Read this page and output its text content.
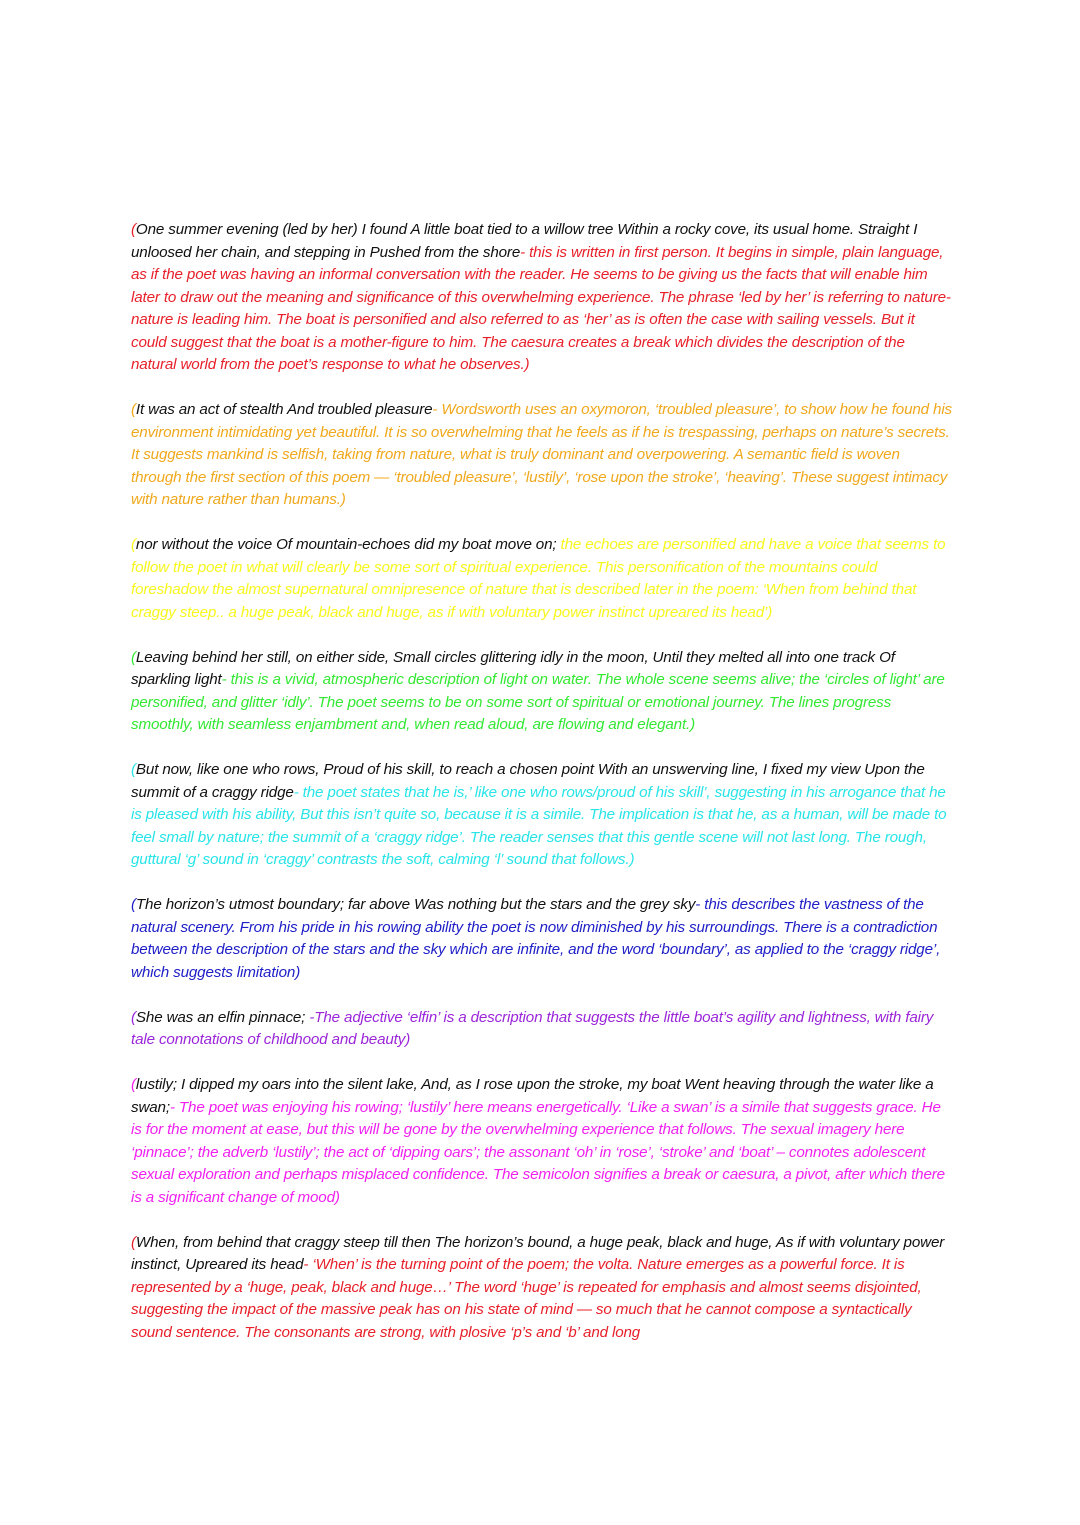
(One summer evening (led by her) I found A little boat tied to a willow tree Within a rocky cove, its usual home. Straight I unloosed her chain, and stepping in Pushed from the shore- this is written in first person. It begins in simple, plain language, as if the poet was having an informal conversation with the reader. He seems to be giving us the facts that will enable him later to draw out the meaning and significance of this overwhelming experience. The phrase ‘led by her’ is referring to nature- nature is leading him. The boat is personified and also referred to as ‘her’ as is often the case with sailing vessels. But it could suggest that the boat is a mother-figure to him. The caesura creates a break which divides the description of the natural world from the poet’s response to what he observes.)

(It was an act of stealth And troubled pleasure- Wordsworth uses an oxymoron, ‘troubled pleasure’, to show how he found his environment intimidating yet beautiful. It is so overwhelming that he feels as if he is trespassing, perhaps on nature’s secrets. It suggests mankind is selfish, taking from nature, what is truly dominant and overpowering. A semantic field is woven through the first section of this poem — ‘troubled pleasure’, ‘lustily’, ‘rose upon the stroke’, ‘heaving’. These suggest intimacy with nature rather than humans.)

(nor without the voice Of mountain-echoes did my boat move on; the echoes are personified and have a voice that seems to follow the poet in what will clearly be some sort of spiritual experience. This personification of the mountains could foreshadow the almost supernatural omnipresence of nature that is described later in the poem: ‘When from behind that craggy steep.. a huge peak, black and huge, as if with voluntary power instinct upreared its head’)

(Leaving behind her still, on either side, Small circles glittering idly in the moon, Until they melted all into one track Of sparkling light- this is a vivid, atmospheric description of light on water. The whole scene seems alive; the ‘circles of light’ are personified, and glitter ‘idly’. The poet seems to be on some sort of spiritual or emotional journey. The lines progress smoothly, with seamless enjambment and, when read aloud, are flowing and elegant.)

(But now, like one who rows, Proud of his skill, to reach a chosen point With an unswerving line, I fixed my view Upon the summit of a craggy ridge- the poet states that he is,’ like one who rows/proud of his skill’, suggesting in his arrogance that he is pleased with his ability, But this isn’t quite so, because it is a simile. The implication is that he, as a human, will be made to feel small by nature; the summit of a ‘craggy ridge’. The reader senses that this gentle scene will not last long. The rough, guttural ‘g’ sound in ‘craggy’ contrasts the soft, calming ‘l’ sound that follows.)

(The horizon’s utmost boundary; far above Was nothing but the stars and the grey sky- this describes the vastness of the natural scenery. From his pride in his rowing ability the poet is now diminished by his surroundings. There is a contradiction between the description of the stars and the sky which are infinite, and the word ‘boundary’, as applied to the ‘craggy ridge’, which suggests limitation)

(She was an elfin pinnace; -The adjective ‘elfin’ is a description that suggests the little boat’s agility and lightness, with fairy tale connotations of childhood and beauty)

(lustily; I dipped my oars into the silent lake, And, as I rose upon the stroke, my boat Went heaving through the water like a swan;- The poet was enjoying his rowing; ‘lustily’ here means energetically. ‘Like a swan’ is a simile that suggests grace. He is for the moment at ease, but this will be gone by the overwhelming experience that follows. The sexual imagery here ‘pinnace’; the adverb ‘lustily’; the act of ‘dipping oars’; the assonant ‘oh’ in ‘rose’, ‘stroke’ and ‘boat’ – connotes adolescent sexual exploration and perhaps misplaced confidence. The semicolon signifies a break or caesura, a pivot, after which there is a significant change of mood)

(When, from behind that craggy steep till then The horizon’s bound, a huge peak, black and huge, As if with voluntary power instinct, Upreared its head- ‘When’ is the turning point of the poem; the volta. Nature emerges as a powerful force. It is represented by a ‘huge, peak, black and huge…’ The word ‘huge’ is repeated for emphasis and almost seems disjointed, suggesting the impact of the massive peak has on his state of mind — so much that he cannot compose a syntactically sound sentence. The consonants are strong, with plosive ‘p’s and ‘b’ and long
